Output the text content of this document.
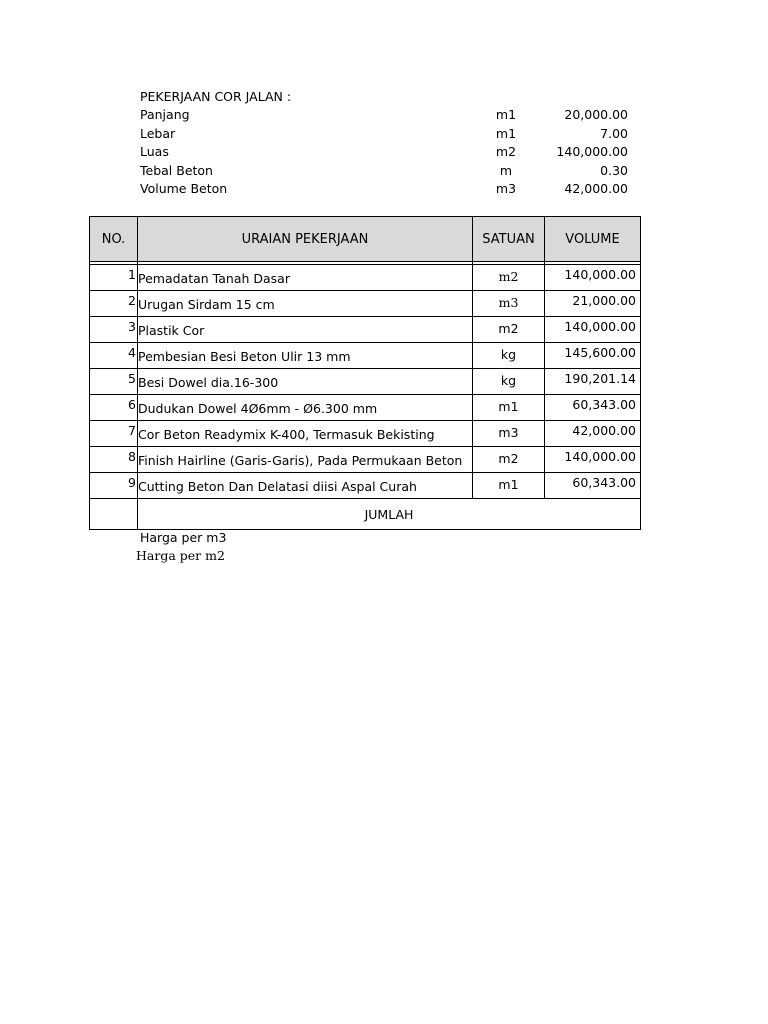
PEKERJAAN COR JALAN :
Panjang	m1	20,000.00
Lebar	m1	7.00
Luas	m2	140,000.00
Tebal Beton	m	0.30
Volume Beton	m3	42,000.00
NO.	URAIAN PEKERJAAN	SATUAN	VOLUME

1	Pemadatan Tanah Dasar	m2	140,000.00

2	Urugan Sirdam 15 cm	m3	21,000.00

3	Plastik Cor	m2	140,000.00

4	Pembesian Besi Beton Ulir 13 mm	kg	145,600.00

5	Besi Dowel dia.16-300	kg	190,201.14

6	Dudukan Dowel 4Ø6mm - Ø6.300 mm	m1	60,343.00

7	Cor Beton Readymix K-400, Termasuk Bekisting	m3	42,000.00

8	Finish Hairline (Garis-Garis), Pada Permukaan Beton	m2	140,000.00

9	Cutting Beton Dan Delatasi diisi Aspal Curah	m1	60,343.00

	JUMLAH		
Harga per m3
Harga per m2
